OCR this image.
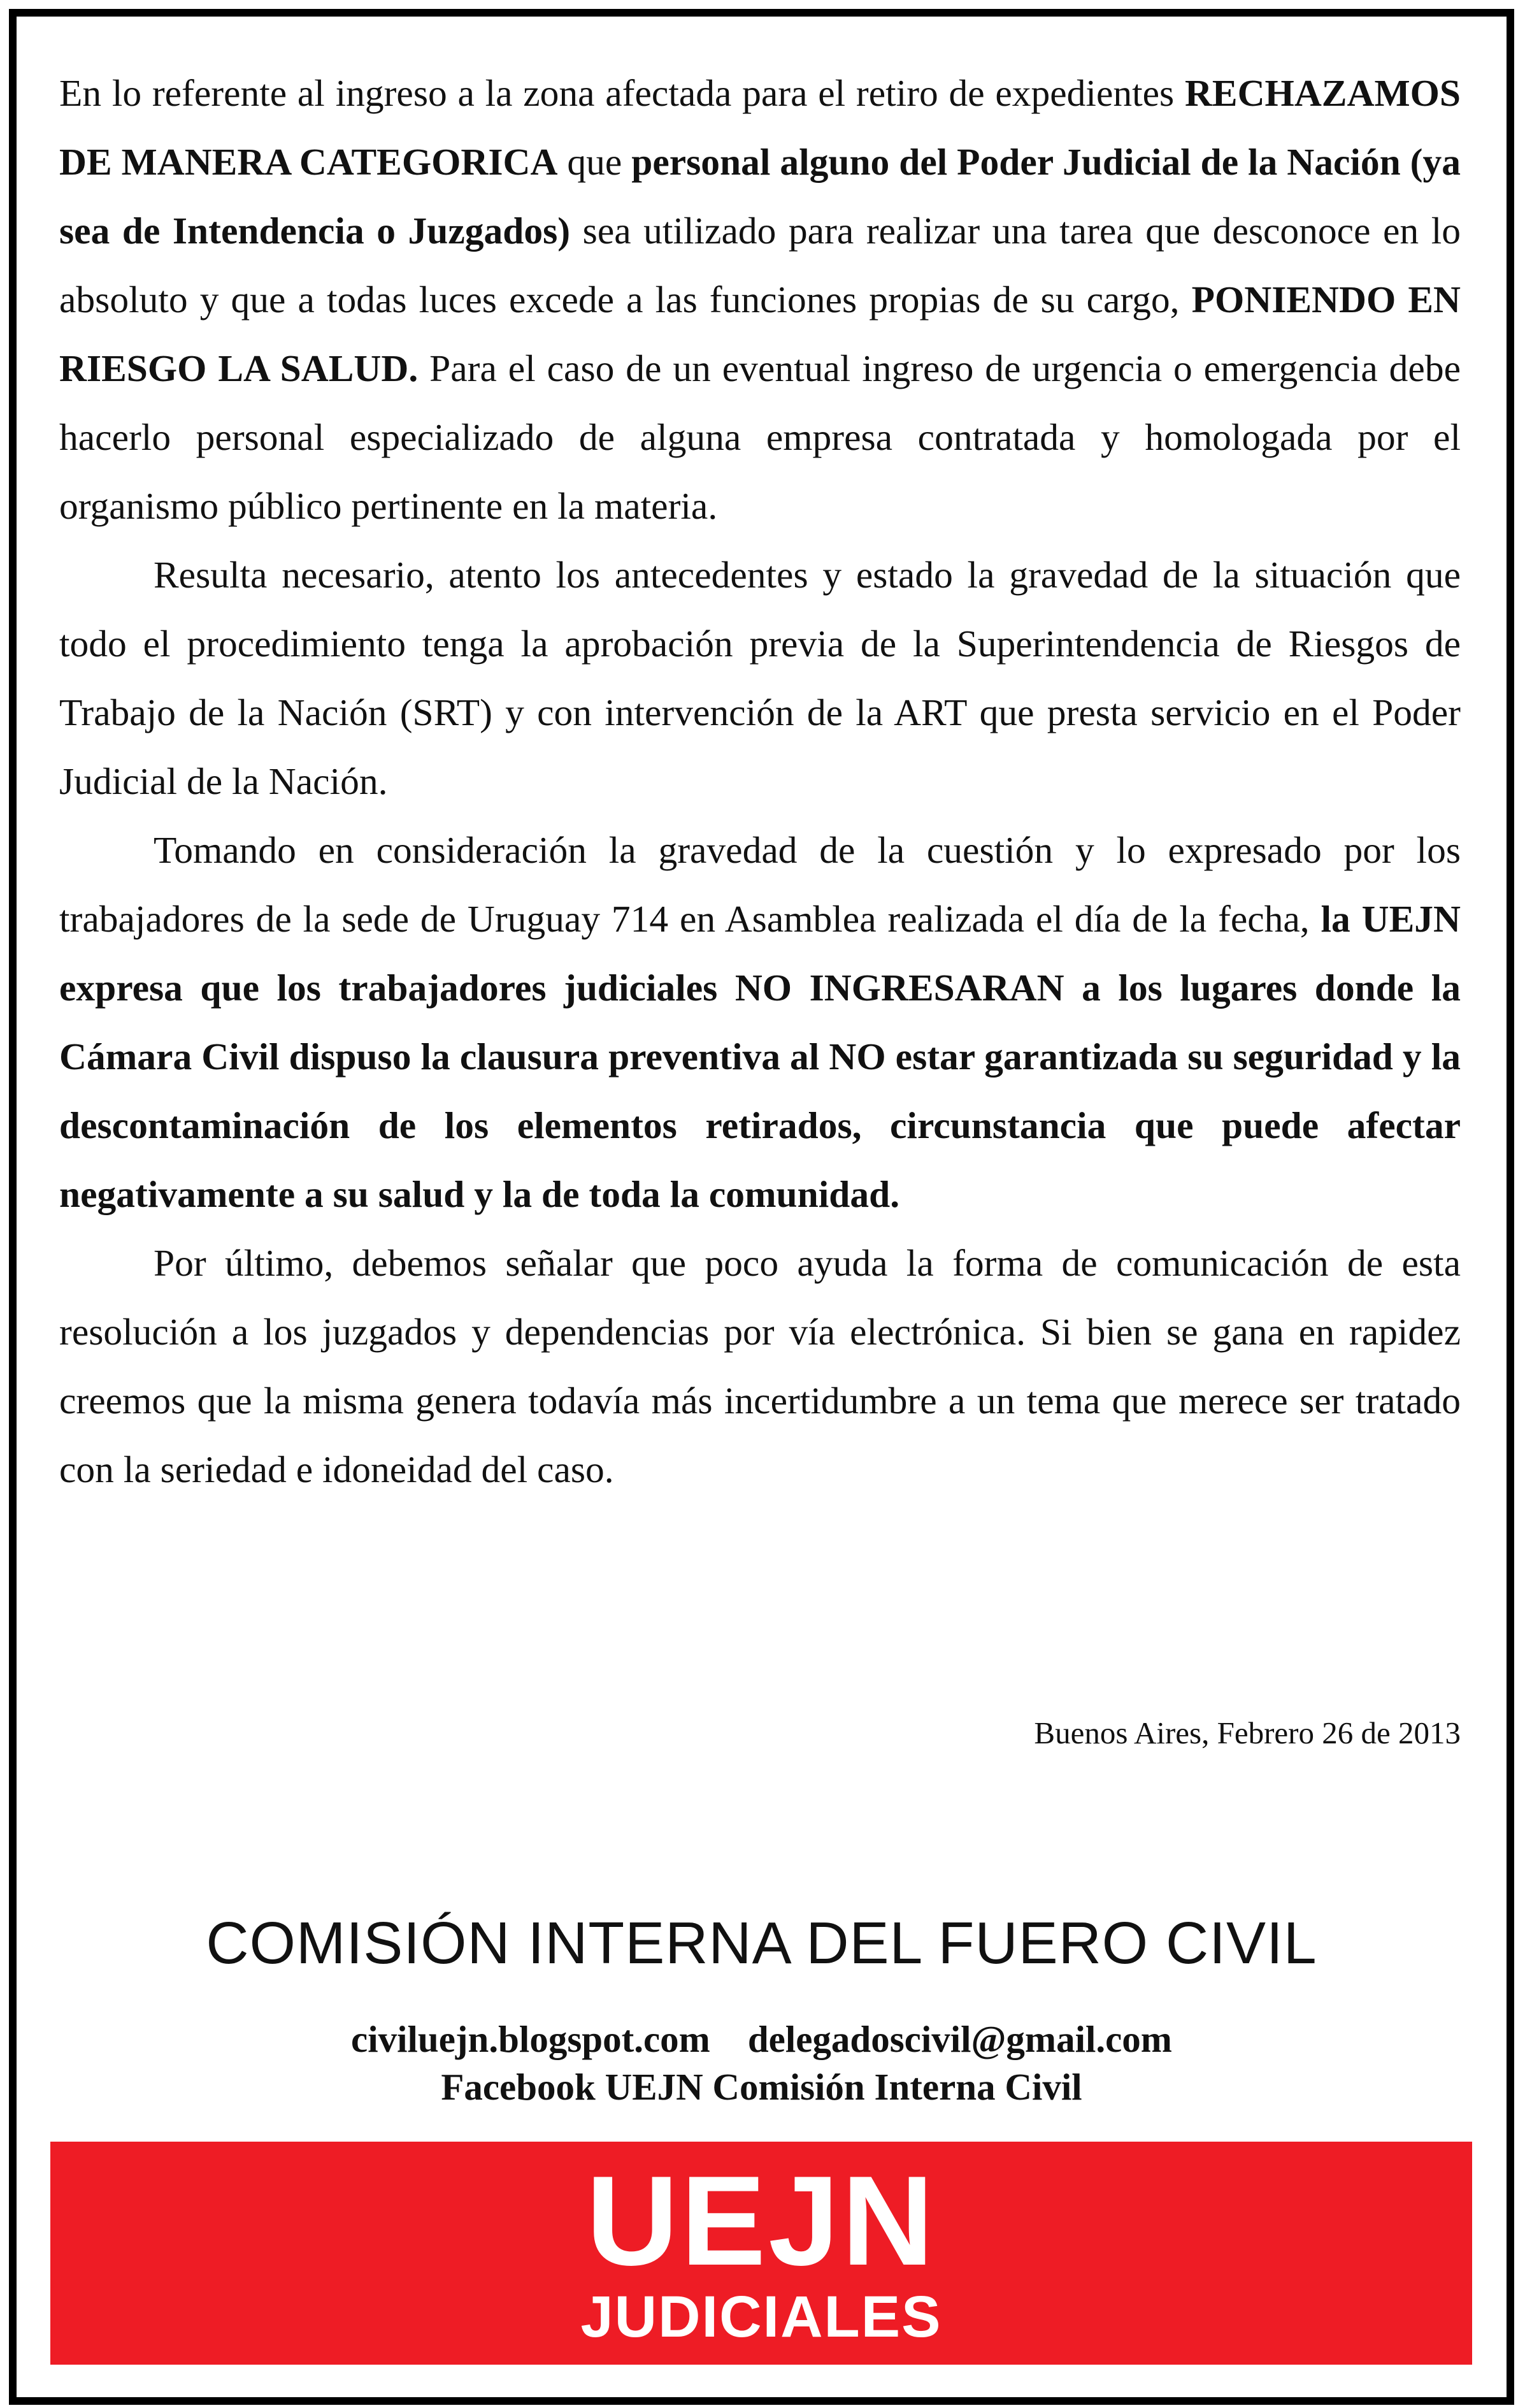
En lo referente al ingreso a la zona afectada para el retiro de expedientes RECHAZAMOS DE MANERA CATEGORICA que personal alguno del Poder Judicial de la Nación (ya sea de Intendencia o Juzgados) sea utilizado para realizar una tarea que desconoce en lo absoluto y que a todas luces excede a las funciones propias de su cargo, PONIENDO EN RIESGO LA SALUD. Para el caso de un eventual ingreso de urgencia o emergencia debe hacerlo personal especializado de alguna empresa contratada y homologada por el organismo público pertinente en la materia.

Resulta necesario, atento los antecedentes y estado la gravedad de la situación que todo el procedimiento tenga la aprobación previa de la Superintendencia de Riesgos de Trabajo de la Nación (SRT) y con intervención de la ART que presta servicio en el Poder Judicial de la Nación.

Tomando en consideración la gravedad de la cuestión y lo expresado por los trabajadores de la sede de Uruguay 714 en Asamblea realizada el día de la fecha, la UEJN expresa que los trabajadores judiciales NO INGRESARAN a los lugares donde la Cámara Civil dispuso la clausura preventiva al NO estar garantizada su seguridad y la descontaminación de los elementos retirados, circunstancia que puede afectar negativamente a su salud y la de toda la comunidad.

Por último, debemos señalar que poco ayuda la forma de comunicación de esta resolución a los juzgados y dependencias por vía electrónica. Si bien se gana en rapidez creemos que la misma genera todavía más incertidumbre a un tema que merece ser tratado con la seriedad e idoneidad del caso.

Buenos Aires, Febrero 26 de 2013
COMISIÓN INTERNA DEL FUERO CIVIL
civiluejn.blogspot.com    delegadoscivil@gmail.com
Facebook UEJN Comisión Interna Civil
UEJN
JUDICIALES
